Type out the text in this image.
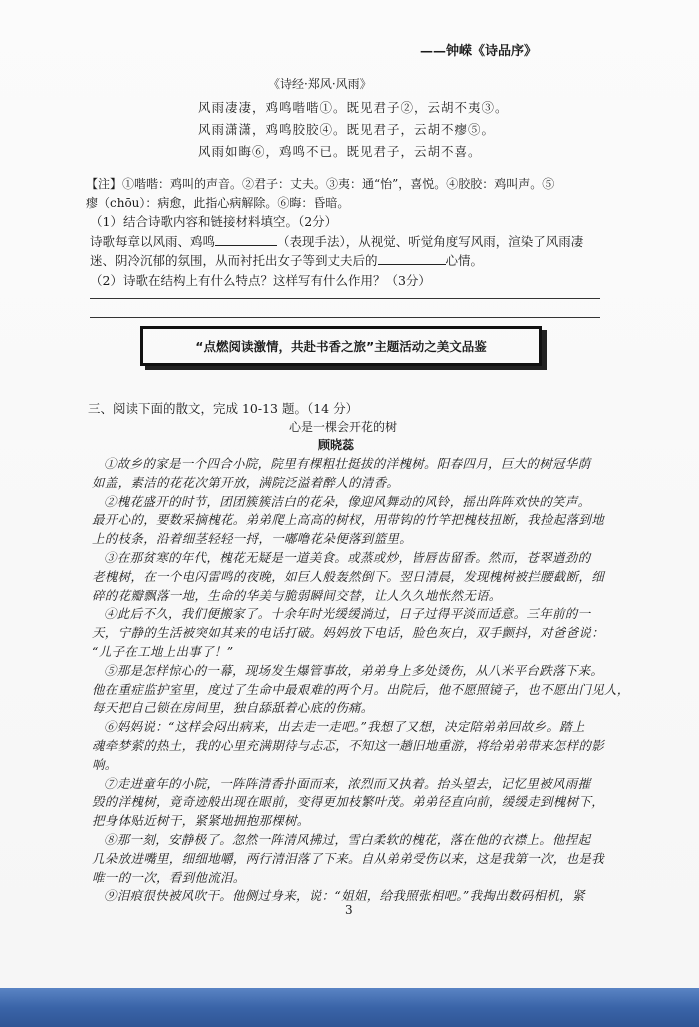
——钟嵘《诗品序》
《诗经·郑风·风雨》
风雨凄凄，鸡鸣喈喈①。既见君子②，云胡不夷③。
风雨潇潇，鸡鸣胶胶④。既见君子，云胡不瘳⑤。
风雨如晦⑥，鸡鸣不已。既见君子，云胡不喜。
【注】①喈喈：鸡叫的声音。②君子：丈夫。③夷：通“怡”，喜悦。④胶胶：鸡叫声。⑤
瘳（chōu）：病愈，此指心病解除。⑥晦：昏暗。
（1）结合诗歌内容和链接材料填空。（2分）
诗歌每章以风雨、鸡鸣	（表现手法），从视觉、听觉角度写风雨，渲染了风雨凄
迷、阴冷沉郁的氛围，从而衬托出女子等到丈夫后的	心情。
（2）诗歌在结构上有什么特点？这样写有什么作用？（3分）
“点燃阅读激情，共赴书香之旅”主题活动之美文品鉴
三、阅读下面的散文，完成 10-13 题。（14 分）
心是一棵会开花的树
顾晓蕊
①故乡的家是一个四合小院，院里有棵粗壮挺拔的洋槐树。阳春四月，巨大的树冠华荫
如盖，素洁的花花次第开放，满院泛溢着醉人的清香。
②槐花盛开的时节，团团簇簇洁白的花朵，像迎风舞动的风铃，摇出阵阵欢快的笑声。
最开心的，要数采摘槐花。弟弟爬上高高的树杈，用带钩的竹竿把槐枝扭断，我捡起落到地
上的枝条，沿着细茎轻轻一捋，一嘟噜花朵便落到篮里。
③在那贫寒的年代，槐花无疑是一道美食。或蒸或炒，皆唇齿留香。然而，苍翠遒劲的
老槐树，在一个电闪雷鸣的夜晚，如巨人般轰然倒下。翌日清晨，发现槐树被拦腰截断，细
碎的花瓣飘落一地，生命的华美与脆弱瞬间交替，让人久久地怅然无语。
④此后不久，我们便搬家了。十余年时光缓缓淌过，日子过得平淡而适意。三年前的一
天，宁静的生活被突如其来的电话打破。妈妈放下电话，脸色灰白，双手颤抖，对爸爸说：
“儿子在工地上出事了！”
⑤那是怎样惊心的一幕，现场发生爆管事故，弟弟身上多处烫伤，从八米平台跌落下来。
他在重症监护室里，度过了生命中最艰难的两个月。出院后，他不愿照镜子，也不愿出门见人，
每天把自己锁在房间里，独自舔舐着心底的伤痛。
⑥妈妈说：“这样会闷出病来，出去走一走吧。”我想了又想，决定陪弟弟回故乡。踏上
魂牵梦萦的热土，我的心里充满期待与忐忑，不知这一趟旧地重游，将给弟弟带来怎样的影
响。
⑦走进童年的小院，一阵阵清香扑面而来，浓烈而又执着。抬头望去，记忆里被风雨摧
毁的洋槐树，竟奇迹般出现在眼前，变得更加枝繁叶茂。弟弟径直向前，缓缓走到槐树下，
把身体贴近树干，紧紧地拥抱那棵树。
⑧那一刻，安静极了。忽然一阵清风拂过，雪白柔软的槐花，落在他的衣襟上。他捏起
几朵放进嘴里，细细地嚼，两行清泪落了下来。自从弟弟受伤以来，这是我第一次，也是我
唯一的一次，看到他流泪。
⑨泪痕很快被风吹干。他侧过身来，说：“姐姐，给我照张相吧。”我掏出数码相机，紧
3
